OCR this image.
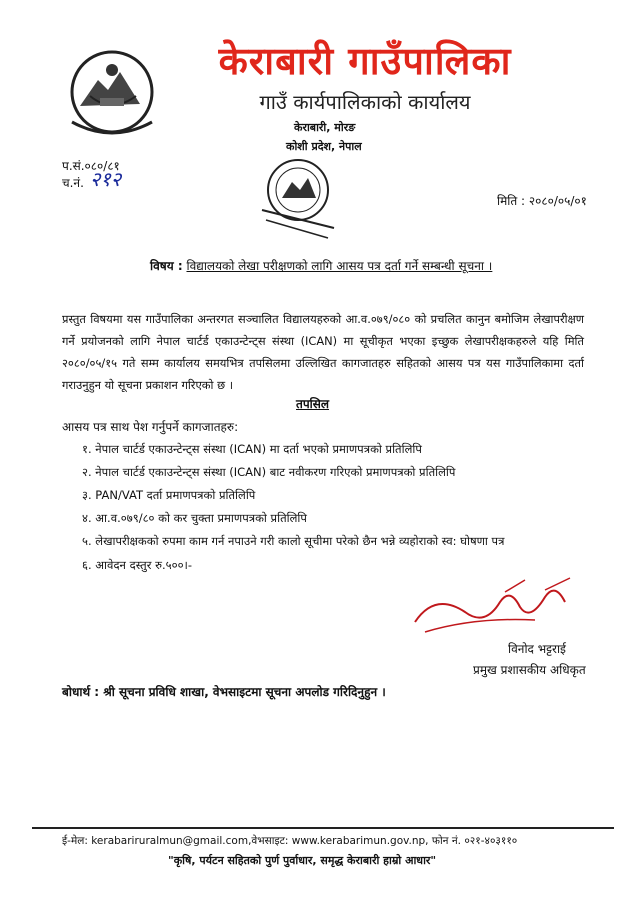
केराबारी गाउँपालिका
गाउँ कार्यपालिकाको कार्यालय
केराबारी, मोरङ
कोशी प्रदेश, नेपाल
प.सं.०८०/८१
च.नं. २१२
मिति : २०८०/०५/०१
विषय : विद्यालयको लेखा परीक्षणको लागि आसय पत्र दर्ता गर्ने सम्बन्धी सूचना ।
प्रस्तुत विषयमा यस गाउँपालिका अन्तरगत सञ्चालित विद्यालयहरुको आ.व.०७९/०८० को प्रचलित कानुन बमोजिम लेखापरीक्षण गर्ने प्रयोजनको लागि नेपाल चार्टर्ड एकाउन्टेन्ट्स संस्था (ICAN) मा सूचीकृत भएका इच्छुक लेखापरीक्षकहरुले यहि मिति २०८०/०५/१५ गते सम्म कार्यालय समयभित्र तपसिलमा उल्लिखित कागजातहरु सहितको आसय पत्र यस गाउँपालिकामा दर्ता गराउनुहुन यो सूचना प्रकाशन गरिएको छ ।
तपसिल
आसय पत्र साथ पेश गर्नुपर्ने कागजातहरु:
१. नेपाल चार्टर्ड एकाउन्टेन्ट्स संस्था (ICAN) मा दर्ता भएको प्रमाणपत्रको प्रतिलिपि
२. नेपाल चार्टर्ड एकाउन्टेन्ट्स संस्था (ICAN) बाट नवीकरण गरिएको प्रमाणपत्रको प्रतिलिपि
३. PAN/VAT दर्ता प्रमाणपत्रको प्रतिलिपि
४. आ.व.०७९/८० को कर चुक्ता प्रमाणपत्रको प्रतिलिपि
५. लेखापरीक्षकको रुपमा काम गर्न नपाउने गरी कालो सूचीमा परेको छैन भन्ने व्यहोराको स्व: घोषणा पत्र
६. आवेदन दस्तुर रु.५००।-
विनोद भट्टराई
प्रमुख प्रशासकीय अधिकृत
बोधार्थ : श्री सूचना प्रविधि शाखा, वेभसाइटमा सूचना अपलोड गरिदिनुहुन ।
ई-मेल: kerabariruralmun@gmail.com,वेभसाइट: www.kerabarimun.gov.np, फोन नं. ०२१-४०३११०
"कृषि, पर्यटन सहितको पुर्ण पुर्वाधार, समृद्ध केराबारी हाम्रो आधार"
